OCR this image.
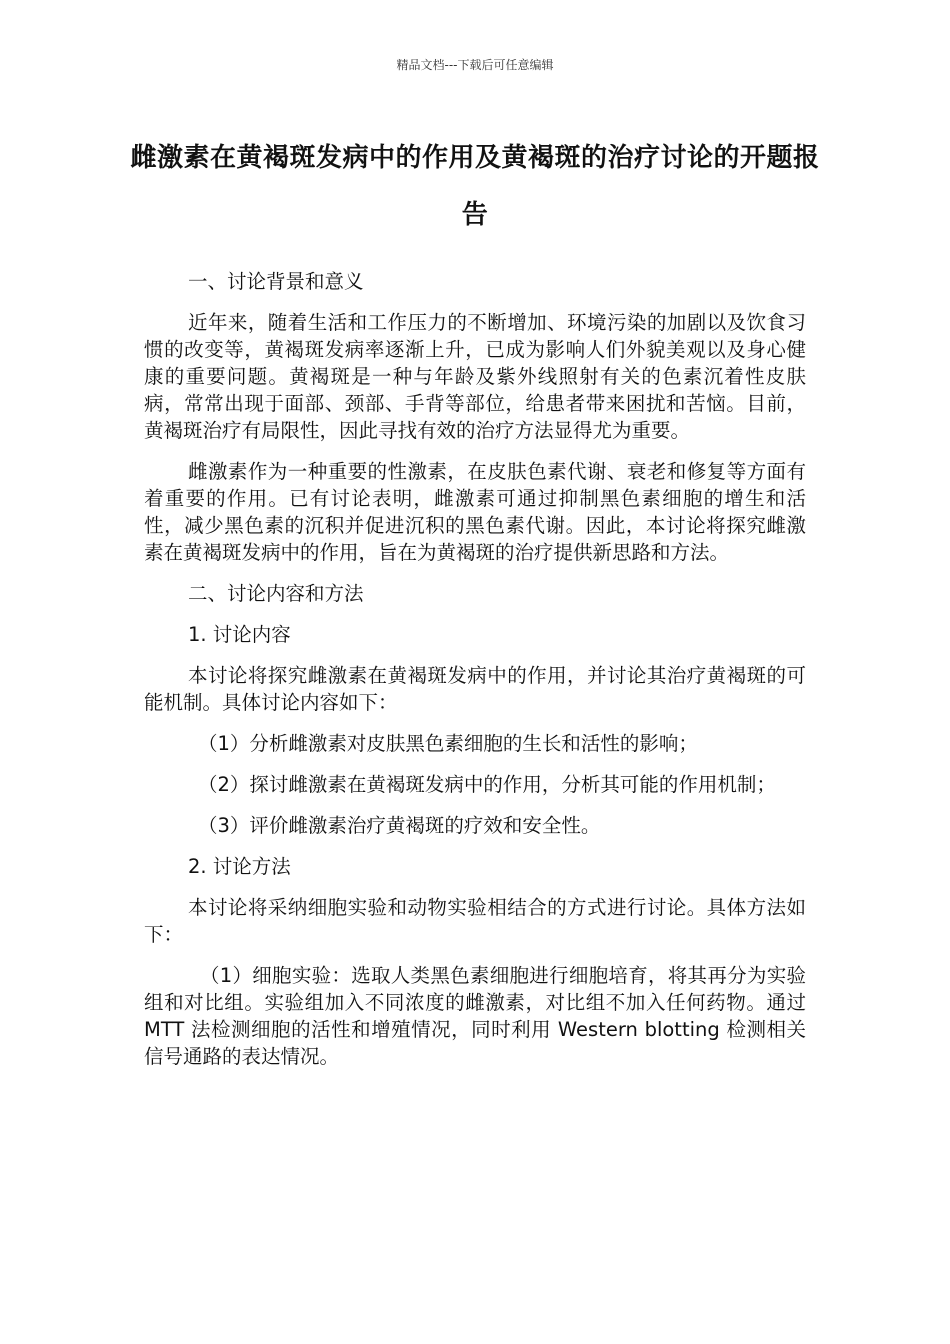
精品文档---下载后可任意编辑
雌激素在黄褐斑发病中的作用及黄褐斑的治疗讨论的开题报告

一、讨论背景和意义

近年来，随着生活和工作压力的不断增加、环境污染的加剧以及饮食习惯的改变等，黄褐斑发病率逐渐上升，已成为影响人们外貌美观以及身心健康的重要问题。黄褐斑是一种与年龄及紫外线照射有关的色素沉着性皮肤病，常常出现于面部、颈部、手背等部位，给患者带来困扰和苦恼。目前，黄褐斑治疗有局限性，因此寻找有效的治疗方法显得尤为重要。

雌激素作为一种重要的性激素，在皮肤色素代谢、衰老和修复等方面有着重要的作用。已有讨论表明，雌激素可通过抑制黑色素细胞的增生和活性，减少黑色素的沉积并促进沉积的黑色素代谢。因此，本讨论将探究雌激素在黄褐斑发病中的作用，旨在为黄褐斑的治疗提供新思路和方法。

二、讨论内容和方法

1. 讨论内容

本讨论将探究雌激素在黄褐斑发病中的作用，并讨论其治疗黄褐斑的可能机制。具体讨论内容如下：

（1）分析雌激素对皮肤黑色素细胞的生长和活性的影响；

（2）探讨雌激素在黄褐斑发病中的作用，分析其可能的作用机制；

（3）评价雌激素治疗黄褐斑的疗效和安全性。

2. 讨论方法

本讨论将采纳细胞实验和动物实验相结合的方式进行讨论。具体方法如下：

（1）细胞实验：选取人类黑色素细胞进行细胞培育，将其再分为实验组和对比组。实验组加入不同浓度的雌激素，对比组不加入任何药物。通过 MTT 法检测细胞的活性和增殖情况，同时利用 Western blotting 检测相关信号通路的表达情况。
